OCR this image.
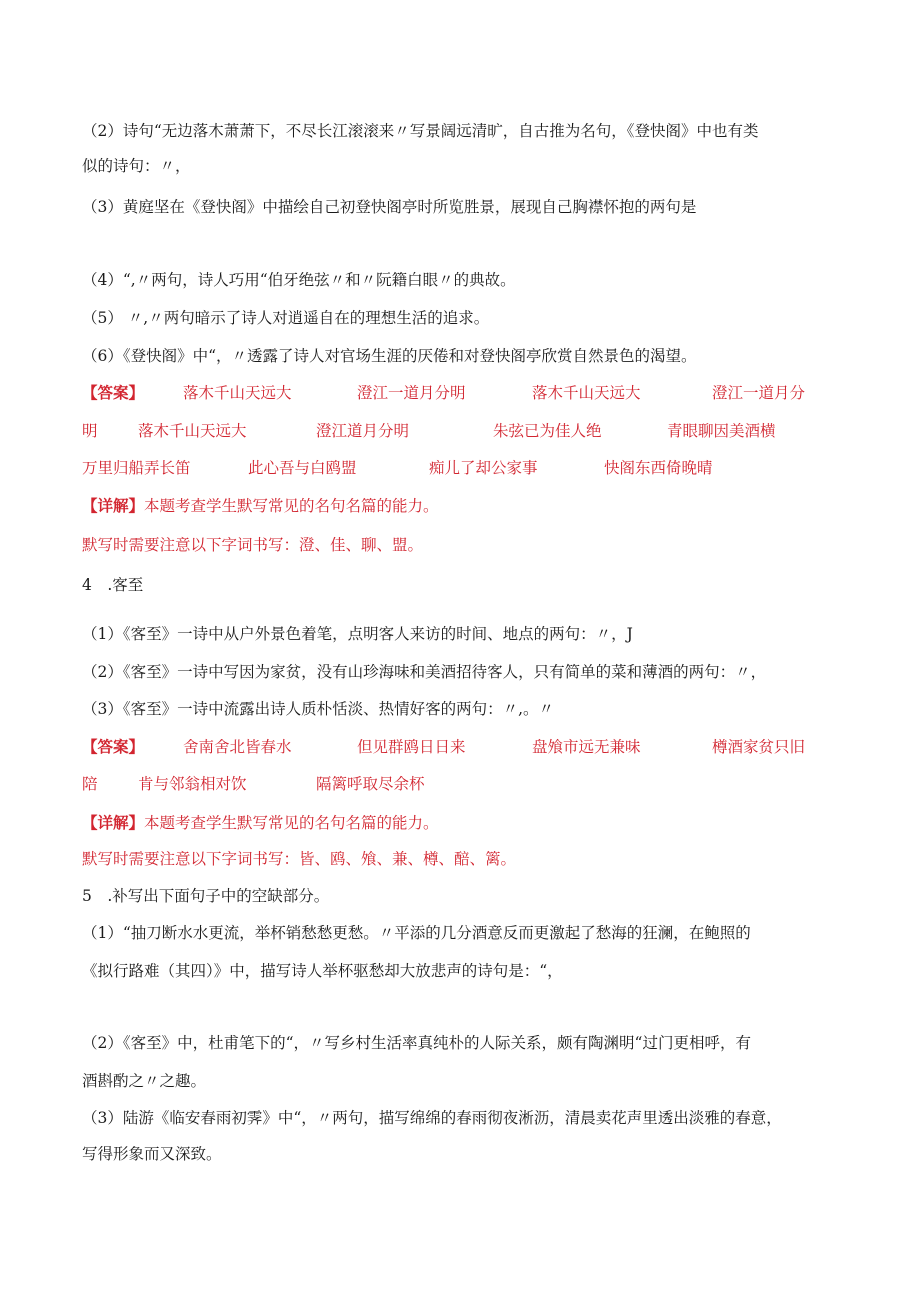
（2）诗句“无边落木萧萧下，不尽长江滚滚来〃写景阔远清旷，自古推为名句，《登快阁》中也有类
似的诗句：〃，
（3）黄庭坚在《登快阁》中描绘自己初登快阁亭时所览胜景，展现自己胸襟怀抱的两句是
（4）“,〃两句，诗人巧用“伯牙绝弦〃和〃阮籍白眼〃的典故。
（5） 〃,〃两句暗示了诗人对逍遥自在的理想生活的追求。
（6）《登快阁》中“，〃透露了诗人对官场生涯的厌倦和对登快阁亭欣赏自然景色的渴望。
【答案】	落木千山天远大	澄江一道月分明	落木千山天远大	澄江一道月分
明	落木千山天远大	澄江道月分明	朱弦已为佳人绝	青眼聊因美酒横
万里归船弄长笛	此心吾与白鸥盟	痴儿了却公家事	快阁东西倚晚晴
【详解】本题考查学生默写常见的名句名篇的能力。
默写时需要注意以下字词书写：澄、佳、聊、盟。
4　.客至
（1）《客至》一诗中从户外景色着笔，点明客人来访的时间、地点的两句：〃，J
（2）《客至》一诗中写因为家贫，没有山珍海味和美酒招待客人，只有简单的菜和薄酒的两句：〃，
（3）《客至》一诗中流露出诗人质朴恬淡、热情好客的两句：〃,。〃
【答案】	舍南舍北皆春水	但见群鸥日日来	盘飧市远无兼味	樽酒家贫只旧
陪	肯与邻翁相对饮	隔篱呼取尽余杯
【详解】本题考查学生默写常见的名句名篇的能力。
默写时需要注意以下字词书写：皆、鸥、飧、兼、樽、醅、篱。
5　.补写出下面句子中的空缺部分。
（1）“抽刀断水水更流，举杯销愁愁更愁。〃平添的几分酒意反而更激起了愁海的狂澜，在鲍照的
《拟行路难（其四）》中，描写诗人举杯驱愁却大放悲声的诗句是：“，
（2）《客至》中，杜甫笔下的“，〃写乡村生活率真纯朴的人际关系，颇有陶渊明“过门更相呼，有
酒斟酌之〃之趣。
（3）陆游《临安春雨初霁》中“，〃两句，描写绵绵的春雨彻夜淅沥，清晨卖花声里透出淡雅的春意，
写得形象而又深致。
